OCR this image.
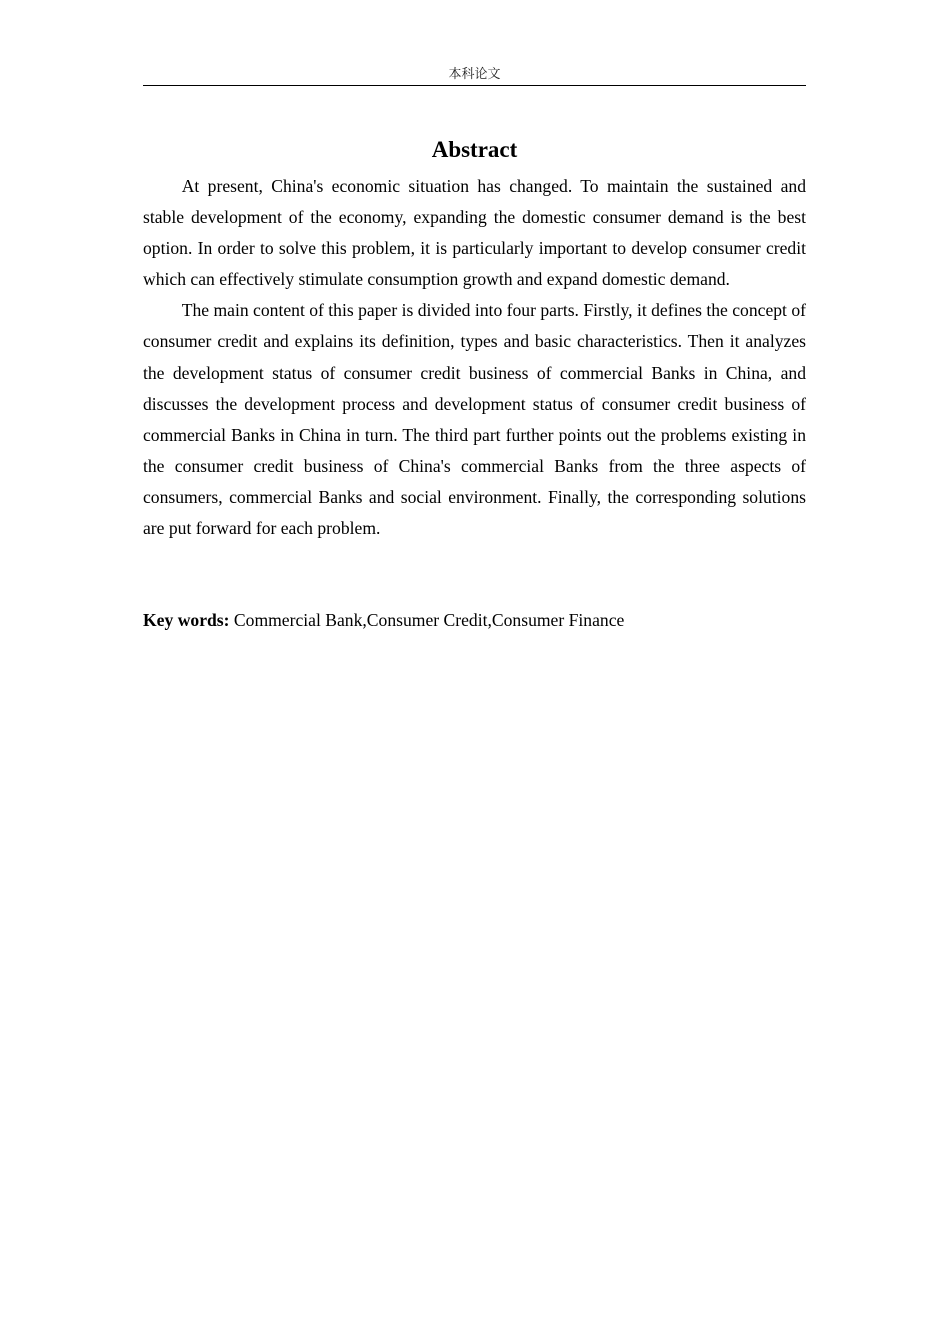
本科论文
Abstract

At present, China's economic situation has changed. To maintain the sustained and stable development of the economy, expanding the domestic consumer demand is the best option. In order to solve this problem, it is particularly important to develop consumer credit which can effectively stimulate consumption growth and expand domestic demand.

The main content of this paper is divided into four parts. Firstly, it defines the concept of consumer credit and explains its definition, types and basic characteristics. Then it analyzes the development status of consumer credit business of commercial Banks in China, and discusses the development process and development status of consumer credit business of commercial Banks in China in turn. The third part further points out the problems existing in the consumer credit business of China's commercial Banks from the three aspects of consumers, commercial Banks and social environment. Finally, the corresponding solutions are put forward for each problem.

Key words: Commercial Bank,Consumer Credit,Consumer Finance
